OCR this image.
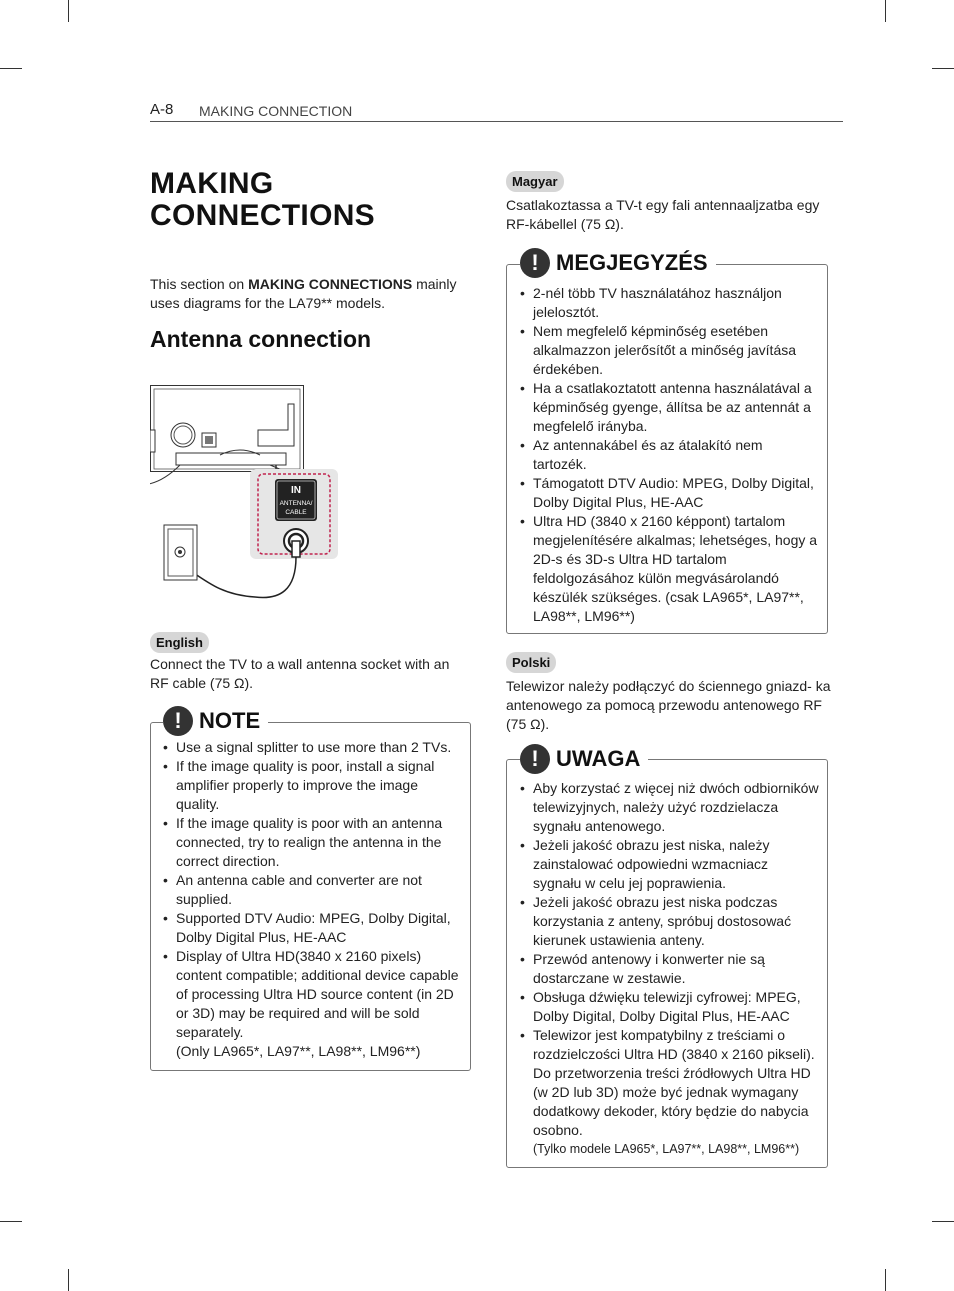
A-8 MAKING CONNECTION
MAKING
CONNECTIONS

This section on MAKING CONNECTIONS mainly uses diagrams for the LA79** models.

Antenna connection
IN
ANTENNA/
CABLE
English

Connect the TV to a wall antenna socket with an RF cable (75 Ω).

! NOTE
• Use a signal splitter to use more than 2 TVs.
• If the image quality is poor, install a signal amplifier properly to improve the image quality.
• If the image quality is poor with an antenna connected, try to realign the antenna in the correct direction.
• An antenna cable and converter are not supplied.
• Supported DTV Audio: MPEG, Dolby Digital, Dolby Digital Plus, HE-AAC
• Display of Ultra HD(3840 x 2160 pixels) content compatible; additional device capable of processing Ultra HD source content (in 2D or 3D) may be required and will be sold separately.

(Only LA965*, LA97**, LA98**, LM96**)

Magyar

Csatlakoztassa a TV-t egy fali antennaaljzatba egy RF-kábellel (75 Ω).

! MEGJEGYZÉS
• 2-nél több TV használatához használjon jelelosztót.
• Nem megfelelő képminőség esetében alkalmazzon jelerősítőt a minőség javítása érdekében.
• Ha a csatlakoztatott antenna használatával a képminőség gyenge, állítsa be az antennát a megfelelő irányba.
• Az antennakábel és az átalakító nem tartozék.
• Támogatott DTV Audio: MPEG, Dolby Digital, Dolby Digital Plus, HE-AAC
• Ultra HD (3840 x 2160 képpont) tartalom megjelenítésére alkalmas; lehetséges, hogy a 2D-s és 3D-s Ultra HD tartalom feldolgozásához külön megvásárolandó készülék szükséges. (csak LA965*, LA97**, LA98**, LM96**)
Polski

Telewizor należy podłączyć do ściennego gniazd- ka antenowego za pomocą przewodu antenowego RF (75 Ω).

! UWAGA
• Aby korzystać z więcej niż dwóch odbiorników telewizyjnych, należy użyć rozdzielacza sygnału antenowego.
• Jeżeli jakość obrazu jest niska, należy zainstalować odpowiedni wzmacniacz sygnału w celu jej poprawienia.
• Jeżeli jakość obrazu jest niska podczas korzystania z anteny, spróbuj dostosować kierunek ustawienia anteny.
• Przewód antenowy i konwerter nie są dostarczane w zestawie.
• Obsługa dźwięku telewizji cyfrowej: MPEG, Dolby Digital, Dolby Digital Plus, HE-AAC
• Telewizor jest kompatybilny z treściami o rozdzielczości Ultra HD (3840 x 2160 pikseli). Do przetworzenia treści źródłowych Ultra HD (w 2D lub 3D) może być jednak wymagany dodatkowy dekoder, który będzie do nabycia osobno.

(Tylko modele LA965*, LA97**, LA98**, LM96**)
